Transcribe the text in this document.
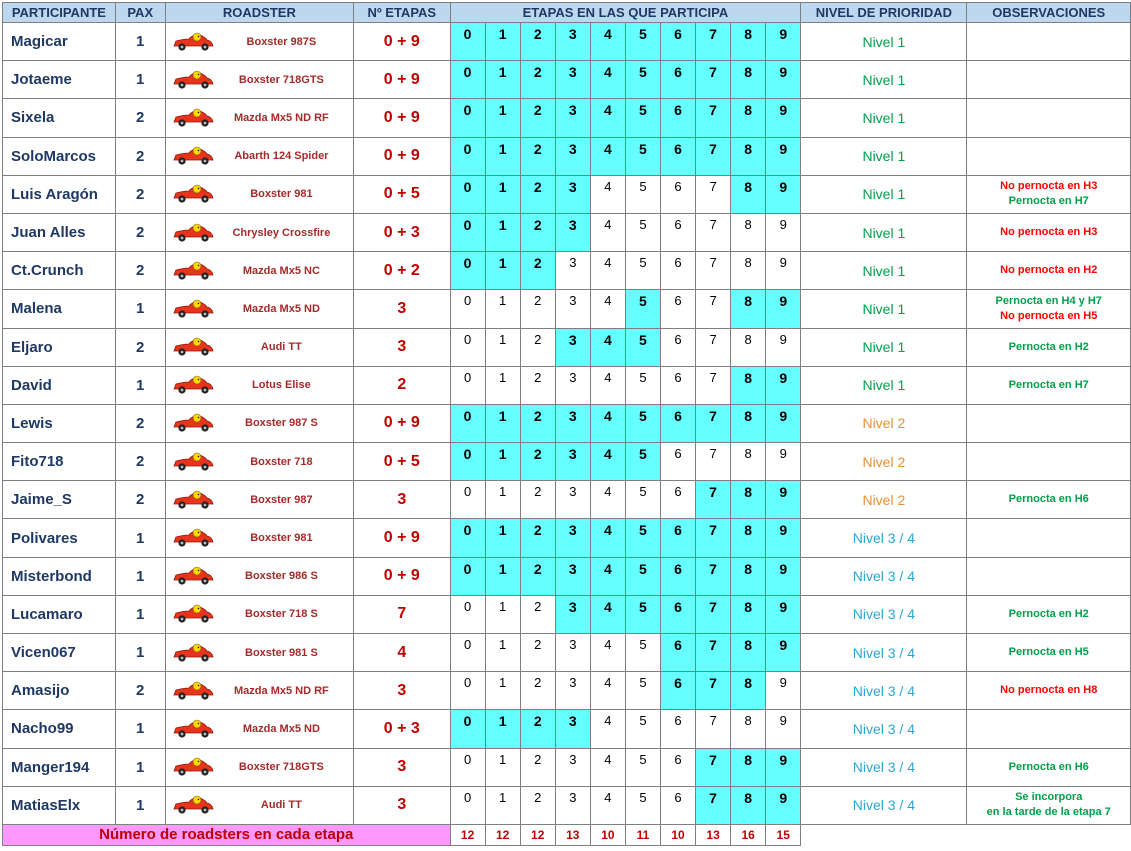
PARTICIPANTE	PAX	ROADSTER	Nº ETAPAS	ETAPAS EN LAS QUE PARTICIPA										NIVEL DE PRIORIDAD	OBSERVACIONES
Magicar	1	Boxster 987S	0 + 9	0	1	2	3	4	5	6	7	8	9	Nivel 1	
Jotaeme	1	Boxster 718GTS	0 + 9	0	1	2	3	4	5	6	7	8	9	Nivel 1	
Sixela	2	Mazda Mx5 ND RF	0 + 9	0	1	2	3	4	5	6	7	8	9	Nivel 1	
SoloMarcos	2	Abarth 124 Spider	0 + 9	0	1	2	3	4	5	6	7	8	9	Nivel 1	
Luis Aragón	2	Boxster 981	0 + 5	0	1	2	3	4	5	6	7	8	9	Nivel 1	No pernocta en H3
Pernocta en H7

Juan Alles	2	Chrysley Crossfire	0 + 3	0	1	2	3	4	5	6	7	8	9	Nivel 1	No pernocta en H3

Ct.Crunch	2	Mazda Mx5 NC	0 + 2	0	1	2	3	4	5	6	7	8	9	Nivel 1	No pernocta en H2

Malena	1	Mazda Mx5 ND	3	0	1	2	3	4	5	6	7	8	9	Nivel 1	Pernocta en H4 y H7
No pernocta en H5

Eljaro	2	Audi TT	3	0	1	2	3	4	5	6	7	8	9	Nivel 1	Pernocta en H2

David	1	Lotus Elise	2	0	1	2	3	4	5	6	7	8	9	Nivel 1	Pernocta en H7

Lewis	2	Boxster 987 S	0 + 9	0	1	2	3	4	5	6	7	8	9	Nivel 2	
Fito718	2	Boxster 718	0 + 5	0	1	2	3	4	5	6	7	8	9	Nivel 2	
Jaime_S	2	Boxster 987	3	0	1	2	3	4	5	6	7	8	9	Nivel 2	Pernocta en H6

Polivares	1	Boxster 981	0 + 9	0	1	2	3	4	5	6	7	8	9	Nivel 3 / 4	
Misterbond	1	Boxster 986 S	0 + 9	0	1	2	3	4	5	6	7	8	9	Nivel 3 / 4	
Lucamaro	1	Boxster 718 S	7	0	1	2	3	4	5	6	7	8	9	Nivel 3 / 4	Pernocta en H2

Vicen067	1	Boxster 981 S	4	0	1	2	3	4	5	6	7	8	9	Nivel 3 / 4	Pernocta en H5

Amasijo	2	Mazda Mx5 ND RF	3	0	1	2	3	4	5	6	7	8	9	Nivel 3 / 4	No pernocta en H8

Nacho99	1	Mazda Mx5 ND	0 + 3	0	1	2	3	4	5	6	7	8	9	Nivel 3 / 4	
Manger194	1	Boxster 718GTS	3	0	1	2	3	4	5	6	7	8	9	Nivel 3 / 4	Pernocta en H6

MatiasElx	1	Audi TT	3	0	1	2	3	4	5	6	7	8	9	Nivel 3 / 4	Se incorpora
en la tarde de la etapa 7

Número de roadsters en cada etapa				12	12	12	13	10	11	10	13	16	15		
